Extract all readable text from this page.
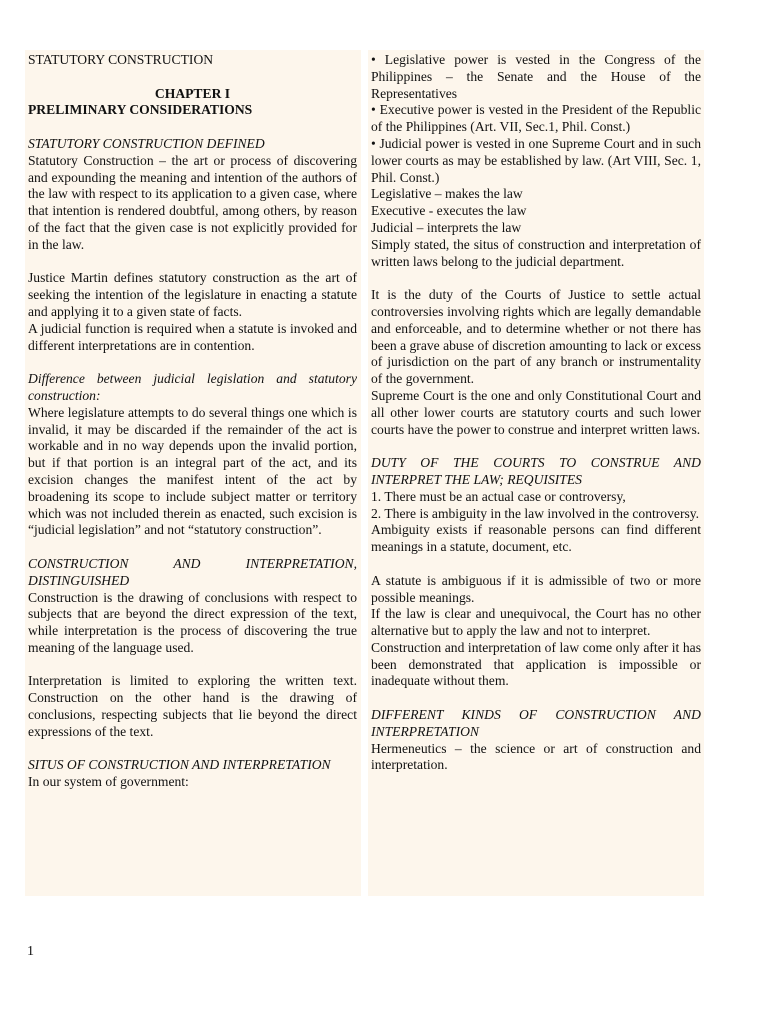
STATUTORY CONSTRUCTION

CHAPTER I

PRELIMINARY CONSIDERATIONS

STATUTORY CONSTRUCTION DEFINED

Statutory Construction – the art or process of discovering and expounding the meaning and intention of the authors of the law with respect to its application to a given case, where that intention is rendered doubtful, among others, by reason of the fact that the given case is not explicitly provided for in the law.

Justice Martin defines statutory construction as the art of seeking the intention of the legislature in enacting a statute and applying it to a given state of facts.

A judicial function is required when a statute is invoked and different interpretations are in contention.

Difference between judicial legislation and statutory construction:

Where legislature attempts to do several things one which is invalid, it may be discarded if the remainder of the act is workable and in no way depends upon the invalid portion, but if that portion is an integral part of the act, and its excision changes the manifest intent of the act by broadening its scope to include subject matter or territory which was not included therein as enacted, such excision is “judicial legislation” and not “statutory construction”.

CONSTRUCTION AND INTERPRETATION, DISTINGUISHED

Construction is the drawing of conclusions with respect to subjects that are beyond the direct expression of the text, while interpretation is the process of discovering the true meaning of the language used.

Interpretation is limited to exploring the written text. Construction on the other hand is the drawing of conclusions, respecting subjects that lie beyond the direct expressions of the text.

SITUS OF CONSTRUCTION AND INTERPRETATION

In our system of government:

• Legislative power is vested in the Congress of the Philippines – the Senate and the House of the Representatives

• Executive power is vested in the President of the Republic of the Philippines (Art. VII, Sec.1, Phil. Const.)

• Judicial power is vested in one Supreme Court and in such lower courts as may be established by law. (Art VIII, Sec. 1, Phil. Const.)

Legislative – makes the law

Executive - executes the law

Judicial – interprets the law

Simply stated, the situs of construction and interpretation of written laws belong to the judicial department.

It is the duty of the Courts of Justice to settle actual controversies involving rights which are legally demandable and enforceable, and to determine whether or not there has been a grave abuse of discretion amounting to lack or excess of jurisdiction on the part of any branch or instrumentality of the government.

Supreme Court is the one and only Constitutional Court and all other lower courts are statutory courts and such lower courts have the power to construe and interpret written laws.

DUTY OF THE COURTS TO CONSTRUE AND INTERPRET THE LAW; REQUISITES

1. There must be an actual case or controversy,

2. There is ambiguity in the law involved in the controversy.

Ambiguity exists if reasonable persons can find different meanings in a statute, document, etc.

A statute is ambiguous if it is admissible of two or more possible meanings.

If the law is clear and unequivocal, the Court has no other alternative but to apply the law and not to interpret.

Construction and interpretation of law come only after it has been demonstrated that application is impossible or inadequate without them.

DIFFERENT KINDS OF CONSTRUCTION AND INTERPRETATION

Hermeneutics – the science or art of construction and interpretation.

1
